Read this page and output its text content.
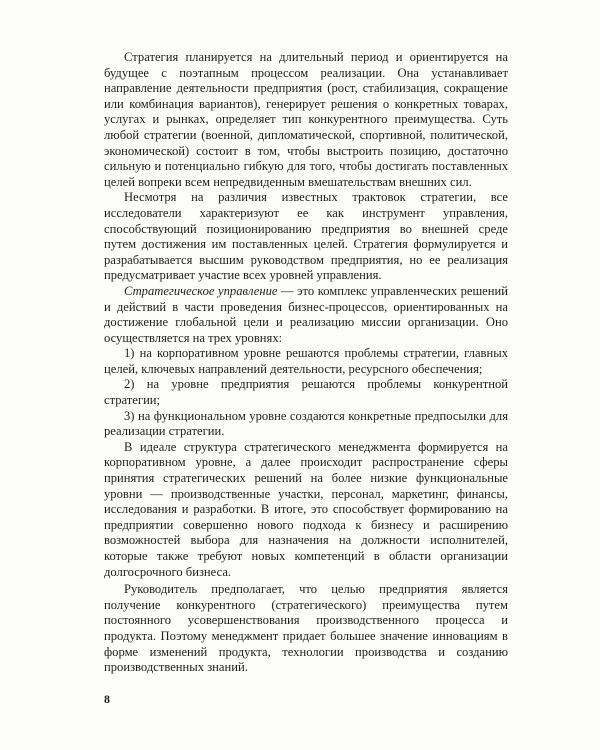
Стратегия планируется на длительный период и ориентируется на будущее с поэтапным процессом реализации. Она устанавливает направление деятельности предприятия (рост, стабилизация, сокращение или комбинация вариантов), генерирует решения о конкретных товарах, услугах и рынках, определяет тип конкурентного преимущества. Суть любой стратегии (военной, дипломатической, спортивной, политической, экономической) состоит в том, чтобы выстроить позицию, достаточно сильную и потенциально гибкую для того, чтобы достигать поставленных целей вопреки всем непредвиденным вмешательствам внешних сил.

Несмотря на различия известных трактовок стратегии, все исследователи характеризуют ее как инструмент управления, способствующий позиционированию предприятия во внешней среде путем достижения им поставленных целей. Стратегия формулируется и разрабатывается высшим руководством предприятия, но ее реализация предусматривает участие всех уровней управления.

Стратегическое управление — это комплекс управленческих решений и действий в части проведения бизнес-процессов, ориентированных на достижение глобальной цели и реализацию миссии организации. Оно осуществляется на трех уровнях:

1) на корпоративном уровне решаются проблемы стратегии, главных целей, ключевых направлений деятельности, ресурсного обеспечения;

2) на уровне предприятия решаются проблемы конкурентной стратегии;

3) на функциональном уровне создаются конкретные предпосылки для реализации стратегии.

В идеале структура стратегического менеджмента формируется на корпоративном уровне, а далее происходит распространение сферы принятия стратегических решений на более низкие функциональные уровни — производственные участки, персонал, маркетинг, финансы, исследования и разработки. В итоге, это способствует формированию на предприятии совершенно нового подхода к бизнесу и расширению возможностей выбора для назначения на должности исполнителей, которые также требуют новых компетенций в области организации долгосрочного бизнеса.

Руководитель предполагает, что целью предприятия является получение конкурентного (стратегического) преимущества путем постоянного усовершенствования производственного процесса и продукта. Поэтому менеджмент придает большее значение инновациям в форме изменений продукта, технологии производства и созданию производственных знаний.

8
